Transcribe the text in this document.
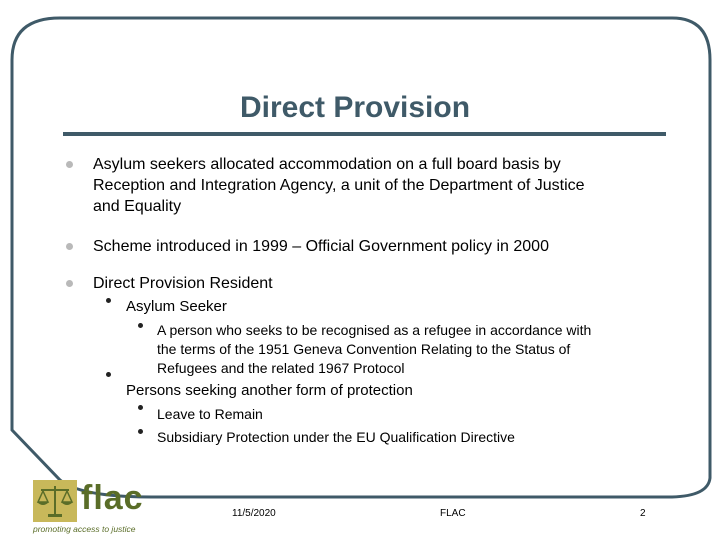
Direct Provision
Asylum seekers allocated accommodation on a full board basis by
Reception and Integration Agency, a unit of the Department of Justice
and Equality
Scheme introduced in 1999 – Official Government policy in 2000
Direct Provision Resident
Asylum Seeker
A person who seeks to be recognised as a refugee in accordance with
the terms of the 1951 Geneva Convention Relating to the Status of
Refugees and the related 1967 Protocol
Persons seeking another form of protection
Leave to Remain
Subsidiary Protection under the EU Qualification Directive
flac
promoting access to justice
11/5/2020	FLAC	2
